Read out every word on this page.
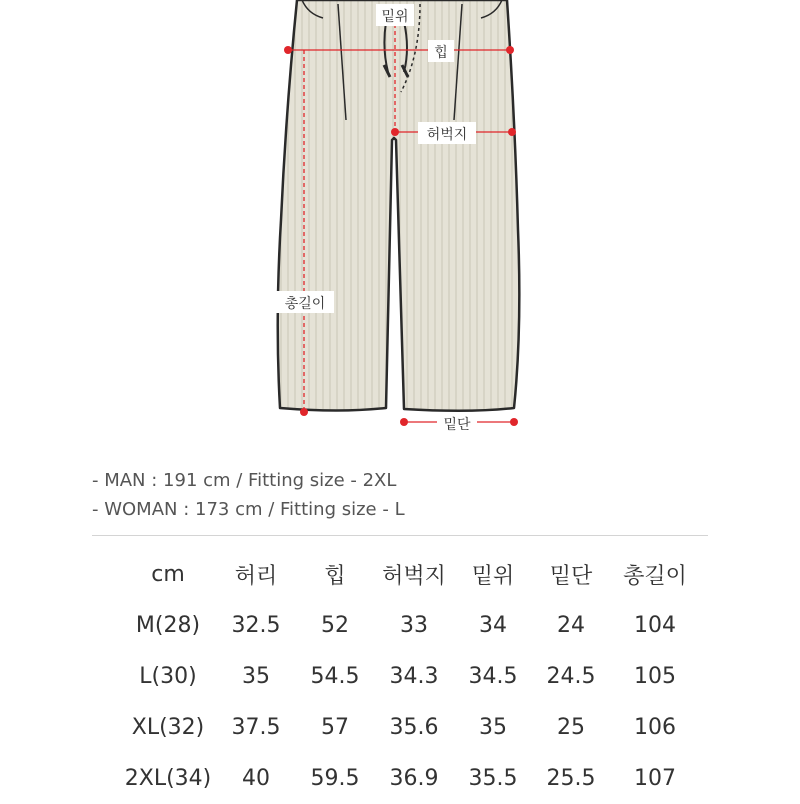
밑위
힙
허벅지
총길이
밑단
- MAN : 191 cm / Fitting size - 2XL
- WOMAN : 173 cm / Fitting size - L
cm	허리	힙	허벅지	밑위	밑단	총길이
M(28)	32.5	52	33	34	24	104
L(30)	35	54.5	34.3	34.5	24.5	105
XL(32)	37.5	57	35.6	35	25	106
2XL(34)	40	59.5	36.9	35.5	25.5	107
